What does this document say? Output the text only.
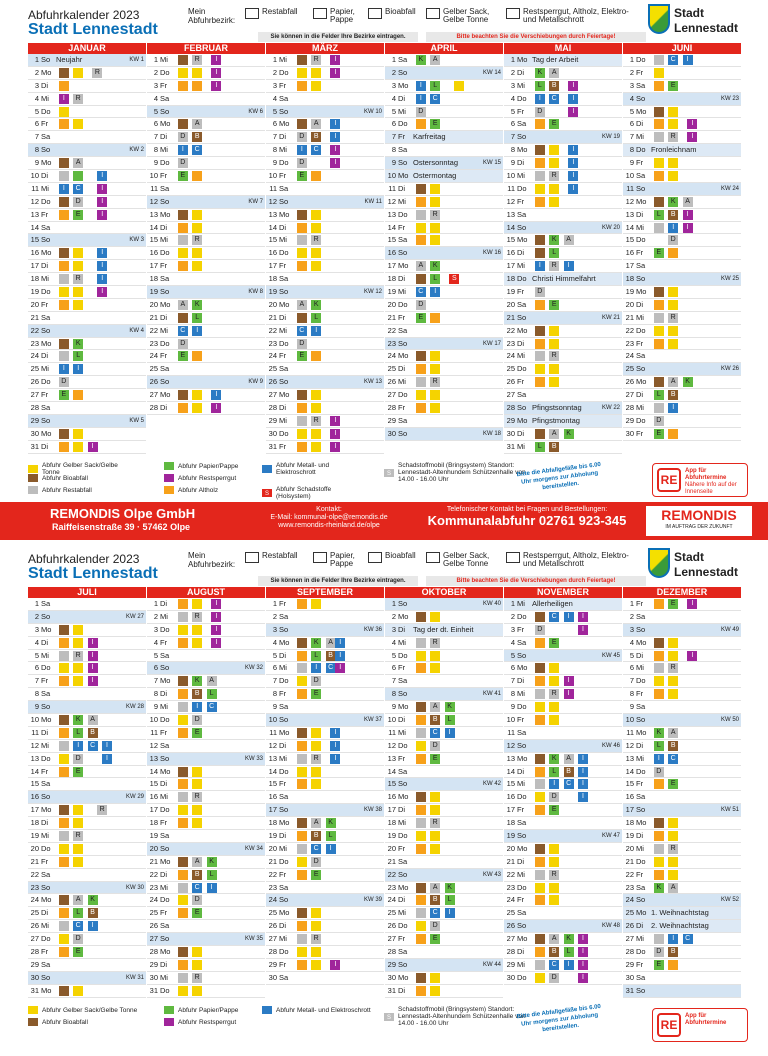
Abfuhrkalender 2023
Stadt Lennestadt
Mein Abfuhrbezirk:
Restabfall	Papier, Pappe
Bioabfall	Gelber Sack, Gelbe Tonne
Restsperrgut, Altholz, Elektro- und Metallschrott
Sie können in die Felder Ihre Bezirke eintragen.	Bitte beachten Sie die Verschiebungen durch Feiertage!
Stadt Lennestadt
JANUAR
1 So Neujahr	KW 1
2 Mo	R
3 Di
4 Mi	I	R
5 Do
6 Fr
7 Sa
8 So	KW 2
9 Mo	A
10 Di	I
11 Mi	I	C	I
12 Do	D	I
13 Fr	E	I
14 Sa
15 So	KW 3
16 Mo	I
17 Di	I
18 Mi	R	I
19 Do	I
20 Fr
21 Sa
22 So	KW 4
23 Mo	K
24 Di	L
25 Mi	I	I
26 Do	D
27 Fr	E
28 Sa
29 So	KW 5
30 Mo
31 Di	I
FEBRUAR
1 Mi	R	I
2 Do	I
3 Fr	I
4 Sa
5 So	KW 6
6 Mo	A
7 Di	D	B
8 Mi	I	C
9 Do	D
10 Fr	E
11 Sa
12 So	KW 7
13 Mo
14 Di
15 Mi	R
16 Do
17 Fr
18 Sa
19 So	KW 8
20 Mo	A	K
21 Di	L
22 Mi	C	I
23 Do	D
24 Fr	E
25 Sa
26 So	KW 9
27 Mo	I
28 Di	I
MÄRZ
1 Mi	R	I
2 Do	I
3 Fr
4 Sa
5 So	KW 10
6 Mo	A	I
7 Di	D	B	I
8 Mi	I	C	I
9 Do	D	I
10 Fr	E
11 Sa
12 So	KW 11
13 Mo
14 Di
15 Mi	R
16 Do
17 Fr
18 Sa
19 So	KW 12
20 Mo	A	K
21 Di	L
22 Mi	C	I
23 Do	D
24 Fr	E
25 Sa
26 So	KW 13
27 Mo
28 Di
29 Mi	R	I
30 Do	I
31 Fr	I
APRIL
1 Sa	K	A
2 So	KW 14
3 Mo	I	L
4 Di	I	C
5 Mi	D
6 Do	E
7 Fr Karfreitag
8 Sa
9 So Ostersonntag	KW 15
10 Mo Ostermontag
11 Di
12 Mi
13 Do	R
14 Fr
15 Sa
16 So	KW 16
17 Mo	A	K
18 Di	L	S
19 Mi	C	I
20 Do	D
21 Fr	E
22 Sa
23 So	KW 17
24 Mo
25 Di
26 Mi	R
27 Do
28 Fr
29 Sa
30 So	KW 18
MAI
1 Mo Tag der Arbeit
2 Di	K	A
3 Mi	L	B	I
4 Do	I	C	I
5 Fr	D	I
6 Sa	E
7 So	KW 19
8 Mo	I
9 Di	I
10 Mi	R	I
11 Do	I
12 Fr
13 Sa
14 So	KW 20
15 Mo	K	A
16 Di	L
17 Mi	I	R	I
18 Do Christi Himmelfahrt
19 Fr	D
20 Sa	E
21 So	KW 21
22 Mo
23 Di
24 Mi	R
25 Do
26 Fr
27 Sa
28 So Pfingstsonntag	KW 22
29 Mo Pfingstmontag
30 Di	A	K
31 Mi	L	B
JUNI
1 Do	C	I
2 Fr
3 Sa	E
4 So	KW 23
5 Mo
6 Di	I
7 Mi	R	I
8 Do Fronleichnam
9 Fr
10 Sa
11 So	KW 24
12 Mo	K	A
13 Di	L	B	I
14 Mi	I	I
15 Do	D
16 Fr	E
17 Sa
18 So	KW 25
19 Mo
20 Di
21 Mi	R
22 Do
23 Fr
24 Sa
25 So	KW 26
26 Mo	A	K
27 Di	L	B
28 Mi	I
29 Do	D
30 Fr	E
Abfuhr Gelber Sack/Gelbe Tonne
Abfuhr Papier/Pappe	Abfuhr Metall- und Elektroschrott
Abfuhr Bioabfall	Abfuhr Restsperrgut
Abfuhr Restabfall	Abfuhr Altholz
S
Abfuhr Schadstoffe (Holsystem)
S
Schadstoffmobil (Bringsystem) Standort: Lennestadt-Altenhundem Schützenhalle von 14.00 - 16.00 Uhr
Bitte die Abfallgefäße bis 6.00 Uhr morgens zur Abholung bereitstellen.	RE
App für Abfuhrtermine
Nähere Info auf der Innenseite
REMONDIS Olpe GmbH
Raiffeisenstraße 39 · 57462 Olpe
Kontakt:
E-Mail: kommunal-olpe@remondis.de
www.remondis-rheinland.de/olpe
Telefonischer Kontakt bei Fragen und Bestellungen:
Kommunalabfuhr 02761 923-345	REMONDIS
IM AUFTRAG DER ZUKUNFT
Abfuhrkalender 2023
Stadt Lennestadt
Mein Abfuhrbezirk:
Restabfall	Papier, Pappe
Bioabfall	Gelber Sack, Gelbe Tonne
Restsperrgut, Altholz, Elektro- und Metallschrott
Sie können in die Felder Ihre Bezirke eintragen.	Bitte beachten Sie die Verschiebungen durch Feiertage!
Stadt Lennestadt
JULI
1 Sa
2 So	KW 27
3 Mo
4 Di	I
5 Mi	R	I
6 Do	I
7 Fr	I
8 Sa
9 So	KW 28
10 Mo	K	A
11 Di	L	B
12 Mi	I	C	I
13 Do	D	I
14 Fr	E
15 Sa
16 So	KW 29
17 Mo	R
18 Di
19 Mi	R
20 Do
21 Fr
22 Sa
23 So	KW 30
24 Mo	A	K
25 Di	L	B
26 Mi	C	I
27 Do	D
28 Fr	E
29 Sa
30 So	KW 31
31 Mo
AUGUST
1 Di	I
2 Mi	R	I
3 Do	I
4 Fr	I
5 Sa
6 So	KW 32
7 Mo	K	A
8 Di	B	L
9 Mi	I	C
10 Do	D
11 Fr	E
12 Sa
13 So	KW 33
14 Mo
15 Di
16 Mi	R
17 Do
18 Fr
19 Sa
20 So	KW 34
21 Mo	A	K
22 Di	B	L
23 Mi	C	I
24 Do	D
25 Fr	E
26 Sa
27 So	KW 35
28 Mo
29 Di
30 Mi	R
31 Do
SEPTEMBER
1 Fr
2 Sa
3 So	KW 36
4 Mo	K	A I
5 Di	L	B I
6 Mi	I	C I
7 Do	D
8 Fr	E
9 Sa
10 So	KW 37
11 Mo	I
12 Di	I
13 Mi	R	I
14 Do
15 Fr
16 Sa
17 So	KW 38
18 Mo	A	K
19 Di	B	L
20 Mi	C	I
21 Do	D
22 Fr	E
23 Sa
24 So	KW 39
25 Mo
26 Di
27 Mi	R
28 Do
29 Fr	I
30 Sa
OKTOBER
1 So	KW 40
2 Mo
3 Di Tag der dt. Einheit
4 Mi	R
5 Do
6 Fr
7 Sa
8 So	KW 41
9 Mo	A	K
10 Di	B	L
11 Mi	C	I
12 Do	D
13 Fr	E
14 Sa
15 So	KW 42
16 Mo
17 Di
18 Mi	R
19 Do
20 Fr
21 Sa
22 So	KW 43
23 Mo	A	K
24 Di	B	L
25 Mi	C	I
26 Do	D
27 Fr	E
28 Sa
29 So	KW 44
30 Mo
31 Di
NOVEMBER
1 Mi Allerheiligen
2 Do	C	I	I
3 Fr	D	I
4 Sa	E
5 So	KW 45
6 Mo
7 Di	I
8 Mi	R	I
9 Do
10 Fr
11 Sa
12 So	KW 46
13 Mo	K	A	I
14 Di	L	B	I
15 Mi	I	C	I
16 Do	D	I
17 Fr	E
18 Sa
19 So	KW 47
20 Mo
21 Di
22 Mi	R
23 Do
24 Fr
25 Sa
26 So	KW 48
27 Mo	A	K	I
28 Di	B	L	I
29 Mi	C	I	I
30 Do	D	I
DEZEMBER
1 Fr	E	I
2 Sa
3 So	KW 49
4 Mo
5 Di	I
6 Mi	R
7 Do
8 Fr
9 Sa
10 So	KW 50
11 Mo	K	A
12 Di	L	B
13 Mi	I	C
14 Do	D
15 Fr	E
16 Sa
17 So	KW 51
18 Mo
19 Di
20 Mi	R
21 Do
22 Fr
23 Sa	K	A
24 So	KW 52
25 Mo 1. Weihnachtstag
26 Di 2. Weihnachtstag
27 Mi	I	C
28 Do	D	B
29 Fr	E
30 Sa
31 So
Abfuhr Gelber Sack/Gelbe Tonne	Abfuhr Papier/Pappe	Abfuhr Metall- und Elektroschrott
Abfuhr Bioabfall	Abfuhr Restsperrgut
S
Schadstoffmobil (Bringsystem) Standort: Lennestadt-Altenhundem Schützenhalle von 14.00 - 16.00 Uhr
Bitte die Abfallgefäße bis 6.00 Uhr morgens zur Abholung bereitstellen.	RE
App für Abfuhrtermine
